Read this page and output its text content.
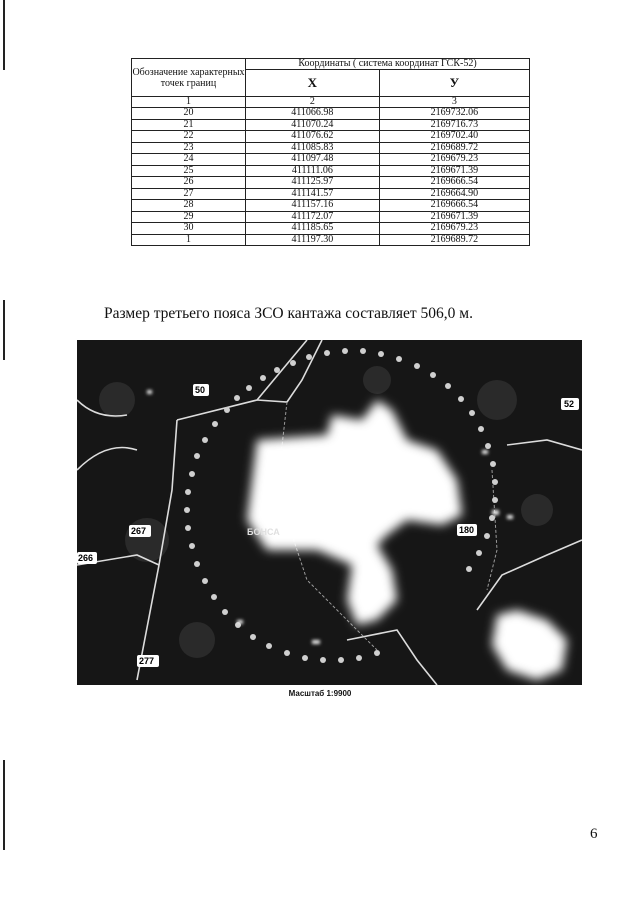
Обозначение характерных точек границ	Координаты ( система координат ГСК-52)	
	X	У
1	2	3
20	411066.98	2169732.06
21	411070.24	2169716.73
22	411076.62	2169702.40
23	411085.83	2169689.72
24	411097.48	2169679.23
25	411111.06	2169671.39
26	411125.97	2169666.54
27	411141.57	2169664.90
28	411157.16	2169666.54
29	411172.07	2169671.39
30	411185.65	2169679.23
1	411197.30	2169689.72
Размер третьего пояса ЗСО кантажа составляет 506,0 м.
50
52
267
266
277
180
БОНСА
Масштаб 1:9900
6
